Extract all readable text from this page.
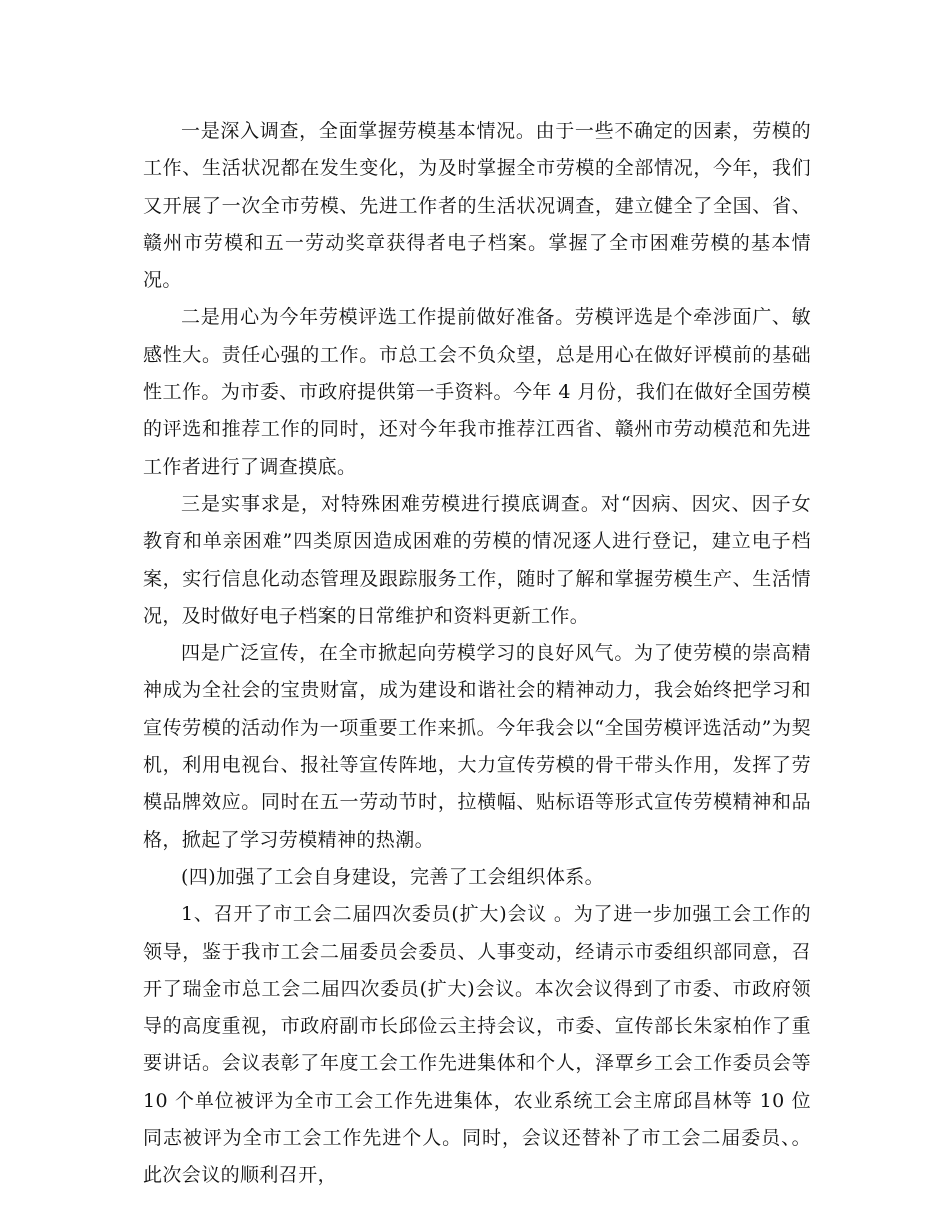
一是深入调查，全面掌握劳模基本情况。由于一些不确定的因素，劳模的工作、生活状况都在发生变化，为及时掌握全市劳模的全部情况，今年，我们又开展了一次全市劳模、先进工作者的生活状况调查，建立健全了全国、省、赣州市劳模和五一劳动奖章获得者电子档案。掌握了全市困难劳模的基本情况。

二是用心为今年劳模评选工作提前做好准备。劳模评选是个牵涉面广、敏感性大。责任心强的工作。市总工会不负众望，总是用心在做好评模前的基础性工作。为市委、市政府提供第一手资料。今年 4 月份，我们在做好全国劳模的评选和推荐工作的同时，还对今年我市推荐江西省、赣州市劳动模范和先进工作者进行了调查摸底。

三是实事求是，对特殊困难劳模进行摸底调查。对“因病、因灾、因子女教育和单亲困难”四类原因造成困难的劳模的情况逐人进行登记，建立电子档案，实行信息化动态管理及跟踪服务工作，随时了解和掌握劳模生产、生活情况，及时做好电子档案的日常维护和资料更新工作。

四是广泛宣传，在全市掀起向劳模学习的良好风气。为了使劳模的崇高精神成为全社会的宝贵财富，成为建设和谐社会的精神动力，我会始终把学习和宣传劳模的活动作为一项重要工作来抓。今年我会以“全国劳模评选活动”为契机，利用电视台、报社等宣传阵地，大力宣传劳模的骨干带头作用，发挥了劳模品牌效应。同时在五一劳动节时，拉横幅、贴标语等形式宣传劳模精神和品格，掀起了学习劳模精神的热潮。

(四)加强了工会自身建设，完善了工会组织体系。

1、召开了市工会二届四次委员(扩大)会议 。为了进一步加强工会工作的领导，鉴于我市工会二届委员会委员、人事变动，经请示市委组织部同意，召开了瑞金市总工会二届四次委员(扩大)会议。本次会议得到了市委、市政府领导的高度重视，市政府副市长邱俭云主持会议，市委、宣传部长朱家柏作了重要讲话。会议表彰了年度工会工作先进集体和个人，泽覃乡工会工作委员会等 10 个单位被评为全市工会工作先进集体，农业系统工会主席邱昌林等 10 位同志被评为全市工会工作先进个人。同时，会议还替补了市工会二届委员、。此次会议的顺利召开，
